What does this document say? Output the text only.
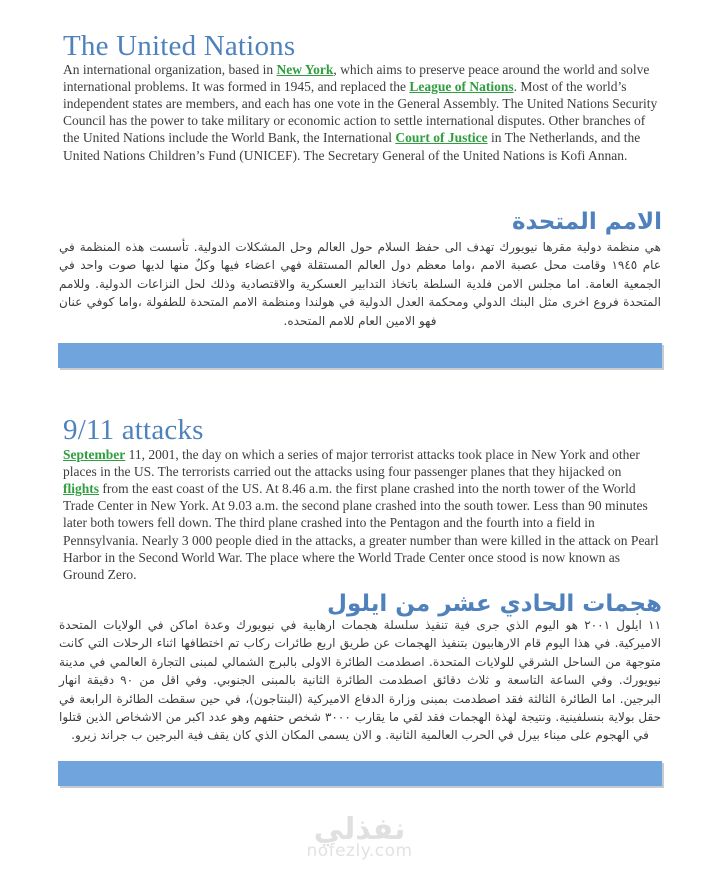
The United Nations

An international organization, based in New York, which aims to preserve peace around the world and solve international problems. It was formed in 1945, and replaced the League of Nations. Most of the world’s independent states are members, and each has one vote in the General Assembly. The United Nations Security Council has the power to take military or economic action to settle international disputes. Other branches of the United Nations include the World Bank, the International Court of Justice in The Netherlands, and the United Nations Children’s Fund (UNICEF). The Secretary General of the United Nations is Kofi Annan.

الامم المتحدة

هي منظمة دولية مقرها نيويورك تهدف الى حفظ السلام حول العالم وحل المشكلات الدولية. تأسست هذه المنظمة في عام ١٩٤٥ وقامت محل عصبة الامم ،واما معظم دول العالم المستقلة فهي اعضاء فيها وكلٌ منها لديها صوت واحد في الجمعية العامة. اما مجلس الامن فلدية السلطة باتخاذ التدابير العسكرية والاقتصادية وذلك لحل النزاعات الدولية. وللامم المتحدة فروع اخرى مثل البنك الدولي ومحكمة العدل الدولية في هولندا ومنظمة الامم المتحدة للطفولة ،واما كوفي عنان فهو الامين العام للامم المتحده.

9/11 attacks

September 11, 2001, the day on which a series of major terrorist attacks took place in New York and other places in the US. The terrorists carried out the attacks using four passenger planes that they hijacked on flights from the east coast of the US. At 8.46 a.m. the first plane crashed into the north tower of the World Trade Center in New York. At 9.03 a.m. the second plane crashed into the south tower. Less than 90 minutes later both towers fell down. The third plane crashed into the Pentagon and the fourth into a field in Pennsylvania. Nearly 3 000 people died in the attacks, a greater number than were killed in the attack on Pearl Harbor in the Second World War. The place where the World Trade Center once stood is now known as Ground Zero.

هجمات الحادي عشر من ايلول

١١ ايلول ٢٠٠١ هو اليوم الذي جرى فية تنفيذ سلسلة هجمات ارهابية في نيويورك وعدة اماكن في الولايات المتحدة الاميركية. في هذا اليوم قام الارهابيون بتنفيذ الهجمات عن طريق اربع طائرات ركاب تم اختطافها اثناء الرحلات التي كانت متوجهة من الساحل الشرقي للولايات المتحدة. اصطدمت الطائرة الاولى بالبرج الشمالي لمبنى التجارة العالمي في مدينة نيويورك. وفي الساعة التاسعة و ثلاث دقائق اصطدمت الطائرة الثانية بالمبنى الجنوبي. وفي اقل من ٩٠ دقيقة انهار البرجين. اما الطائرة الثالثة فقد اصطدمت بمبنى وزارة الدفاع الاميركية (البنتاجون)، في حين سقطت الطائرة الرابعة في حقل بولاية بنسلفينية. ونتيجة لهذة الهجمات فقد لقي ما يقارب ٣٠٠٠ شخص حتفهم وهو عدد اكبر من الاشخاص الذين قتلوا في الهجوم على ميناء بيرل في الحرب العالمية الثانية. و الان يسمى المكان الذي كان يقف فية البرجين ب جراند زيرو.

نفذلي
nofezly.com
